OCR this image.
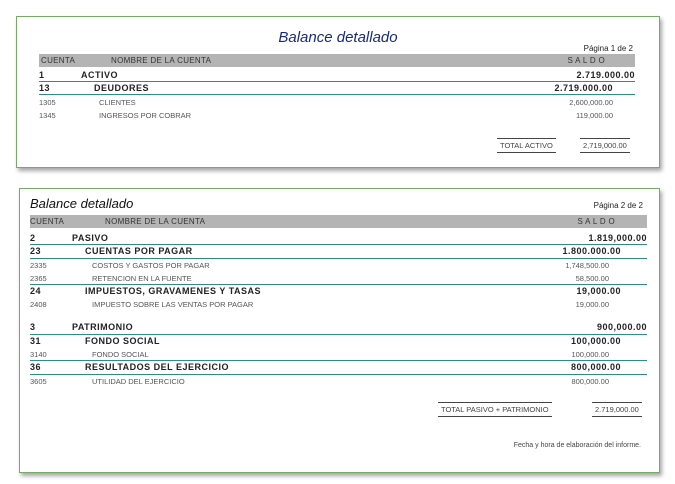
Balance detallado
Página 1 de 2
CUENTA	NOMBRE DE LA CUENTA	S A L D O
1	ACTIVO	2.719.000.00
13	DEUDORES	2.719.000.00
1305	CLIENTES	2,600,000.00
1345	INGRESOS POR COBRAR	119,000.00
TOTAL ACTIVO	2,719,000.00
Balance detallado	Página 2 de 2
CUENTA	NOMBRE DE LA CUENTA	S A L D O
2	PASIVO	1.819,000.00
23	CUENTAS POR PAGAR	1.800.000.00
2335	COSTOS Y GASTOS POR PAGAR	1,748,500.00
2365	RETENCION EN LA FUENTE	58,500.00
24	IMPUESTOS, GRAVAMENES Y TASAS	19,000.00
2408	IMPUESTO SOBRE LAS VENTAS POR PAGAR	19,000.00
3	PATRIMONIO	900,000.00
31	FONDO SOCIAL	100,000.00
3140	FONDO SOCIAL	100,000.00
36	RESULTADOS DEL EJERCICIO	800,000.00
3605	UTILIDAD DEL EJERCICIO	800,000.00
TOTAL PASIVO + PATRIMONIO	2.719,000.00
Fecha y hora de elaboración del informe.
